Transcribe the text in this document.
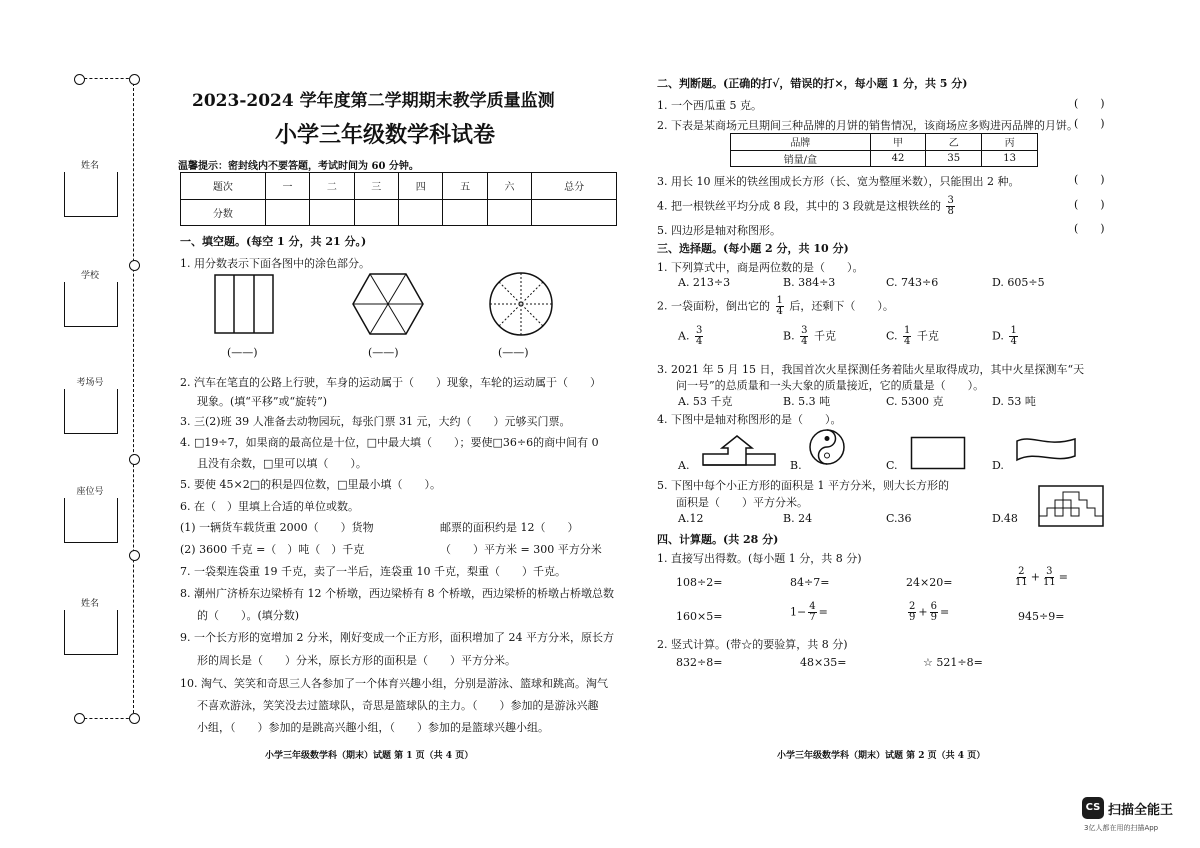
姓名
学校
考场号
座位号
姓名
2023-2024 学年度第二学期期末教学质量监测
小学三年级数学科试卷
温馨提示：密封线内不要答题，考试时间为 60 分钟。
题次	一	二	三	四	五	六	总分
分数							
一、填空题。(每空 1 分，共 21 分。)
1. 用分数表示下面各图中的涂色部分。
(——)	(——)	(——)
2. 汽车在笔直的公路上行驶，车身的运动属于（　　）现象，车轮的运动属于（　　）
现象。(填“平移”或“旋转”)
3. 三(2)班 39 人准备去动物园玩，每张门票 31 元，大约（　　）元够买门票。
4. □19÷7，如果商的最高位是十位，□中最大填（　　）；要使□36÷6的商中间有 0
且没有余数，□里可以填（　　）。
5. 要使 45×2□的积是四位数，□里最小填（　　）。
6. 在（　）里填上合适的单位或数。
(1) 一辆货车载货重 2000（　　）货物	邮票的面积约是 12（　　）
(2) 3600 千克 =（　）吨（　）千克	（　　）平方米 = 300 平方分米
7. 一袋梨连袋重 19 千克，卖了一半后，连袋重 10 千克，梨重（　　）千克。
8. 潮州广济桥东边梁桥有 12 个桥墩，西边梁桥有 8 个桥墩，西边梁桥的桥墩占桥墩总数
的（　　）。(填分数)
9. 一个长方形的宽增加 2 分米，刚好变成一个正方形，面积增加了 24 平方分米，原长方
形的周长是（　　）分米，原长方形的面积是（　　）平方分米。
10. 淘气、笑笑和奇思三人各参加了一个体育兴趣小组，分别是游泳、篮球和跳高。淘气
不喜欢游泳，笑笑没去过篮球队，奇思是篮球队的主力。（　　）参加的是游泳兴趣
小组，（　　）参加的是跳高兴趣小组，（　　）参加的是篮球兴趣小组。
小学三年级数学科（期末）试题 第 1 页（共 4 页）
二、判断题。(正确的打√，错误的打×，每小题 1 分，共 5 分)
1. 一个西瓜重 5 克。	(　　)
2. 下表是某商场元旦期间三种品牌的月饼的销售情况，该商场应多购进丙品牌的月饼。
(　　)
品牌	甲	乙	丙
销量/盒	42	35	13
3. 用长 10 厘米的铁丝围成长方形（长、宽为整厘米数），只能围出 2 种。	(　　)
4. 把一根铁丝平均分成 8 段，其中的 3 段就是这根铁丝的 $\frac{3}{8}$	(　　)
5. 四边形是轴对称图形。	(　　)
三、选择题。(每小题 2 分，共 10 分)
1. 下列算式中，商是两位数的是（　　）。
A. 213÷3	B. 384÷3	C. 743÷6	D. 605÷5
2. 一袋面粉，倒出它的 $\frac{1}{4}$ 后，还剩下（　　）。
A. $\frac{3}{4}$	B. $\frac{3}{4}$ 千克	C. $\frac{1}{4}$ 千克	D. $\frac{1}{4}$
3. 2021 年 5 月 15 日，我国首次火星探测任务着陆火星取得成功，其中火星探测车“天
问一号”的总质量和一头大象的质量接近，它的质量是（　　）。
A. 53 千克	B. 5.3 吨	C. 5300 克	D. 53 吨
4. 下图中是轴对称图形的是（　　）。
A.	B.	C.	D.
5. 下图中每个小正方形的面积是 1 平方分米，则大长方形的
面积是（　　）平方分米。
A.12	B. 24	C.36	D.48
四、计算题。(共 28 分)
1. 直接写出得数。(每小题 1 分，共 8 分)
108÷2=	84÷7=	24×20=	$\frac{2}{11} + \frac{3}{11}$ =
160×5=	$1- \frac{4}{7}$ =	$\frac{2}{9} + \frac{6}{9}$ =	945÷9=
2. 竖式计算。(带☆的要验算，共 8 分)
832÷8=	48×35=	☆ 521÷8=
小学三年级数学科（期末）试题 第 2 页（共 4 页）
CS 扫描全能王
3亿人都在用的扫描App
